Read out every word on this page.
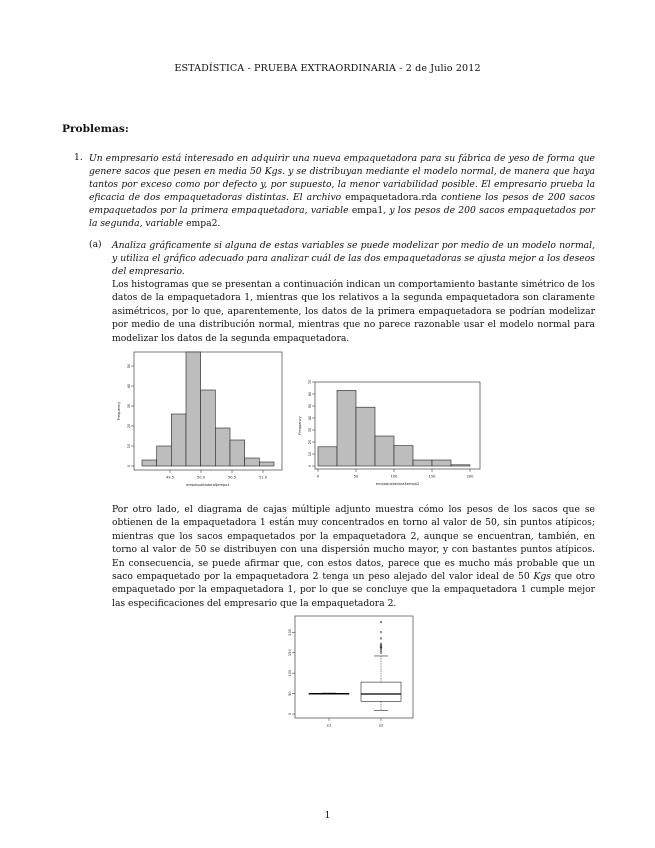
ESTADÍSTICA - PRUEBA EXTRAORDINARIA - 2 de Julio 2012
Problemas:
1. Un empresario está interesado en adquirir una nueva empaquetadora para su fábrica de yeso de forma que genere sacos que pesen en media 50 Kgs. y se distribuyan mediante el modelo normal, de manera que haya tantos por exceso como por defecto y, por supuesto, la menor variabilidad posible. El empresario prueba la eficacia de dos empaquetadoras distintas. El archivo empaquetadora.rda contiene los pesos de 200 sacos empaquetados por la primera empaquetadora, variable empa1, y los pesos de 200 sacos empaquetados por la segunda, variable empa2.
(a) Analiza gráficamente si alguna de estas variables se puede modelizar por medio de un modelo normal, y utiliza el gráfico adecuado para analizar cuál de las dos empaquetadoras se ajusta mejor a los deseos del empresario.
Los histogramas que se presentan a continuación indican un comportamiento bastante simétrico de los datos de la empaquetadora 1, mientras que los relativos a la segunda empaquetadora son claramente asimétricos, por lo que, aparentemente, los datos de la primera empaquetadora se podrían modelizar por medio de una distribución normal, mientras que no parece razonable usar el modelo normal para modelizar los datos de la segunda empaquetadora.
49.5	50.0	50.5	51.0
0
10
20
30
40
50
empaquetadora$empa1
Frequency
0	50	100	150	200
0
10
20
30
40
50
60
70
empaquetadora$empa2
Frequency
Por otro lado, el diagrama de cajas múltiple adjunto muestra cómo los pesos de los sacos que se obtienen de la empaquetadora 1 están muy concentrados en torno al valor de 50, sin puntos atípicos; mientras que los sacos empaquetados por la empaquetadora 2, aunque se encuentran, también, en torno al valor de 50 se distribuyen con una dispersión mucho mayor, y con bastantes puntos atípicos. En consecuencia, se puede afirmar que, con estos datos, parece que es mucho más probable que un saco empaquetado por la empaquetadora 2 tenga un peso alejado del valor ideal de 50 Kgs que otro empaquetado por la empaquetadora 1, por lo que se concluye que la empaquetadora 1 cumple mejor las especificaciones del empresario que la empaquetadora 2.
0
50
100
150
200
e1	e2
1
